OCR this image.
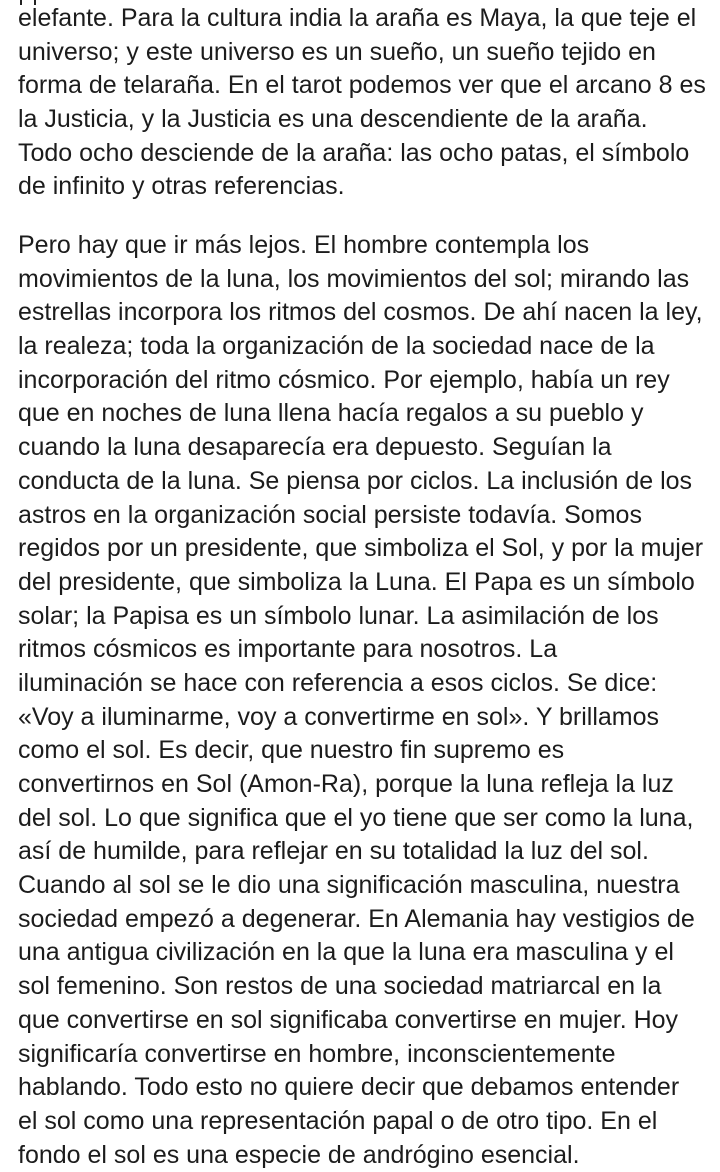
elefante. Para la cultura india la araña es Maya, la que teje el
universo; y este universo es un sueño, un sueño tejido en
forma de telaraña. En el tarot podemos ver que el arcano 8 es
la Justicia, y la Justicia es una descendiente de la araña.
Todo ocho desciende de la araña: las ocho patas, el símbolo
de infinito y otras referencias.
Pero hay que ir más lejos. El hombre contempla los
movimientos de la luna, los movimientos del sol; mirando las
estrellas incorpora los ritmos del cosmos. De ahí nacen la ley,
la realeza; toda la organización de la sociedad nace de la
incorporación del ritmo cósmico. Por ejemplo, había un rey
que en noches de luna llena hacía regalos a su pueblo y
cuando la luna desaparecía era depuesto. Seguían la
conducta de la luna. Se piensa por ciclos. La inclusión de los
astros en la organización social persiste todavía. Somos
regidos por un presidente, que simboliza el Sol, y por la mujer
del presidente, que simboliza la Luna. El Papa es un símbolo
solar; la Papisa es un símbolo lunar. La asimilación de los
ritmos cósmicos es importante para nosotros. La
iluminación se hace con referencia a esos ciclos. Se dice:
«Voy a iluminarme, voy a convertirme en sol». Y brillamos
como el sol. Es decir, que nuestro fin supremo es
convertirnos en Sol (Amon-Ra), porque la luna refleja la luz
del sol. Lo que significa que el yo tiene que ser como la luna,
así de humilde, para reflejar en su totalidad la luz del sol.
Cuando al sol se le dio una significación masculina, nuestra
sociedad empezó a degenerar. En Alemania hay vestigios de
una antigua civilización en la que la luna era masculina y el
sol femenino. Son restos de una sociedad matriarcal en la
que convertirse en sol significaba convertirse en mujer. Hoy
significaría convertirse en hombre, inconscientemente
hablando. Todo esto no quiere decir que debamos entender
el sol como una representación papal o de otro tipo. En el
fondo el sol es una especie de andrógino esencial.
